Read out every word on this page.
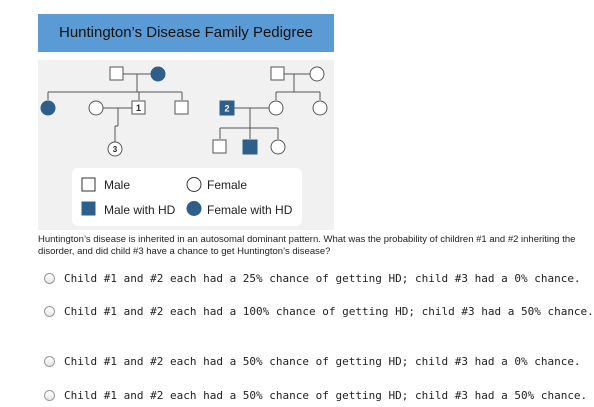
Huntington’s Disease Family Pedigree
1	2
3
Male	Female
Male with HD	Female with HD
Huntington’s disease is inherited in an autosomal dominant pattern. What was the probability of children #1 and #2 inheriting the disorder, and did child #3 have a chance to get Huntington’s disease?
Child #1 and #2 each had a 25% chance of getting HD; child #3 had a 0% chance.
Child #1 and #2 each had a 100% chance of getting HD; child #3 had a 50% chance.
Child #1 and #2 each had a 50% chance of getting HD; child #3 had a 0% chance.
Child #1 and #2 each had a 50% chance of getting HD; child #3 had a 50% chance.
